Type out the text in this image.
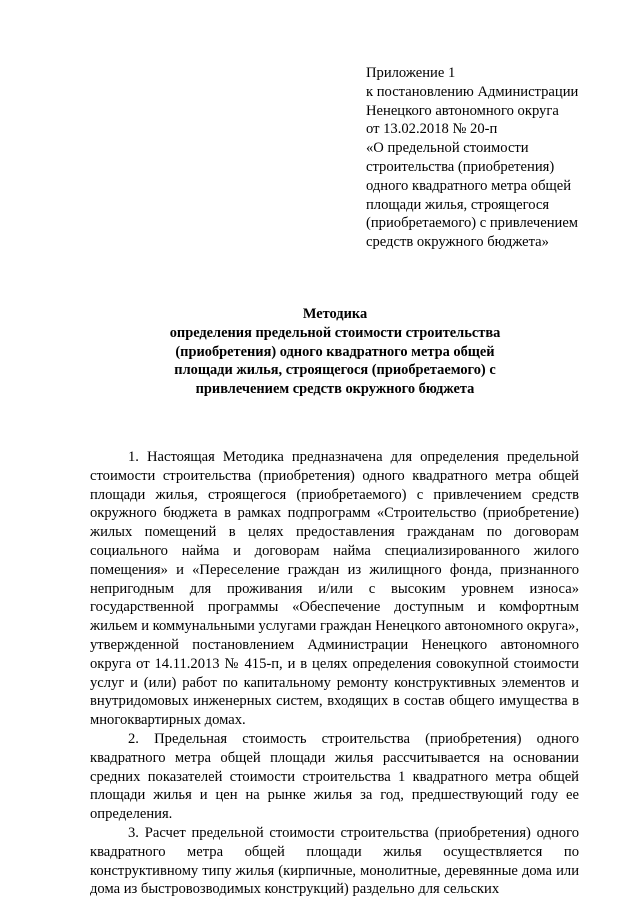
Приложение 1
к постановлению Администрации
Ненецкого автономного округа
от 13.02.2018 № 20-п
«О предельной стоимости
строительства (приобретения)
одного квадратного метра общей
площади жилья, строящегося
(приобретаемого) с привлечением
средств окружного бюджета»
Методика
определения предельной стоимости строительства
(приобретения) одного квадратного метра общей
площади жилья, строящегося (приобретаемого) с
привлечением средств окружного бюджета

1. Настоящая Методика предназначена для определения предельной стоимости строительства (приобретения) одного квадратного метра общей площади жилья, строящегося (приобретаемого) с привлечением средств окружного бюджета в рамках подпрограмм «Строительство (приобретение) жилых помещений в целях предоставления гражданам по договорам социального найма и договорам найма специализированного жилого помещения» и «Переселение граждан из жилищного фонда, признанного непригодным для проживания и/или с высоким уровнем износа» государственной программы «Обеспечение доступным и комфортным жильем и коммунальными услугами граждан Ненецкого автономного округа», утвержденной постановлением Администрации Ненецкого автономного округа от 14.11.2013 № 415-п, и в целях определения совокупной стоимости услуг и (или) работ по капитальному ремонту конструктивных элементов и внутридомовых инженерных систем, входящих в состав общего имущества в многоквартирных домах.

2. Предельная стоимость строительства (приобретения) одного квадратного метра общей площади жилья рассчитывается на основании средних показателей стоимости строительства 1 квадратного метра общей площади жилья и цен на рынке жилья за год, предшествующий году ее определения.

3. Расчет предельной стоимости строительства (приобретения) одного квадратного метра общей площади жилья осуществляется по конструктивному типу жилья (кирпичные, монолитные, деревянные дома или дома из быстровозводимых конструкций) раздельно для сельских
